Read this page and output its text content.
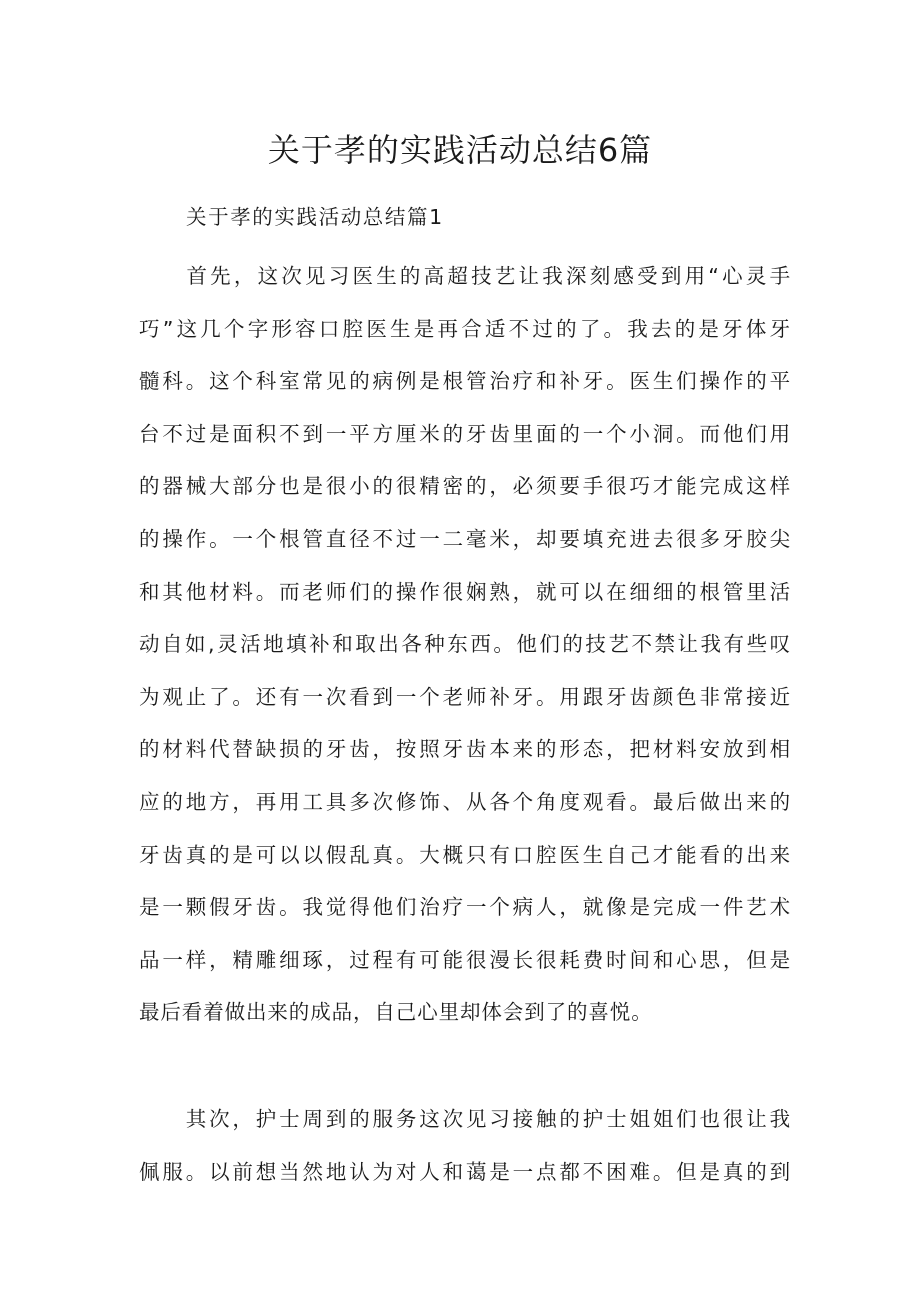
关于孝的实践活动总结6篇

关于孝的实践活动总结篇1

　　首先，这次见习医生的高超技艺让我深刻感受到用“心灵手
巧”这几个字形容口腔医生是再合适不过的了。我去的是牙体牙
髓科。这个科室常见的病例是根管治疗和补牙。医生们操作的平
台不过是面积不到一平方厘米的牙齿里面的一个小洞。而他们用
的器械大部分也是很小的很精密的，必须要手很巧才能完成这样
的操作。一个根管直径不过一二毫米，却要填充进去很多牙胶尖
和其他材料。而老师们的操作很娴熟，就可以在细细的根管里活
动自如,灵活地填补和取出各种东西。他们的技艺不禁让我有些叹
为观止了。还有一次看到一个老师补牙。用跟牙齿颜色非常接近
的材料代替缺损的牙齿，按照牙齿本来的形态，把材料安放到相
应的地方，再用工具多次修饰、从各个角度观看。最后做出来的
牙齿真的是可以以假乱真。大概只有口腔医生自己才能看的出来
是一颗假牙齿。我觉得他们治疗一个病人，就像是完成一件艺术
品一样，精雕细琢，过程有可能很漫长很耗费时间和心思，但是
最后看着做出来的成品，自己心里却体会到了的喜悦。
　　其次，护士周到的服务这次见习接触的护士姐姐们也很让我
佩服。以前想当然地认为对人和蔼是一点都不困难。但是真的到
